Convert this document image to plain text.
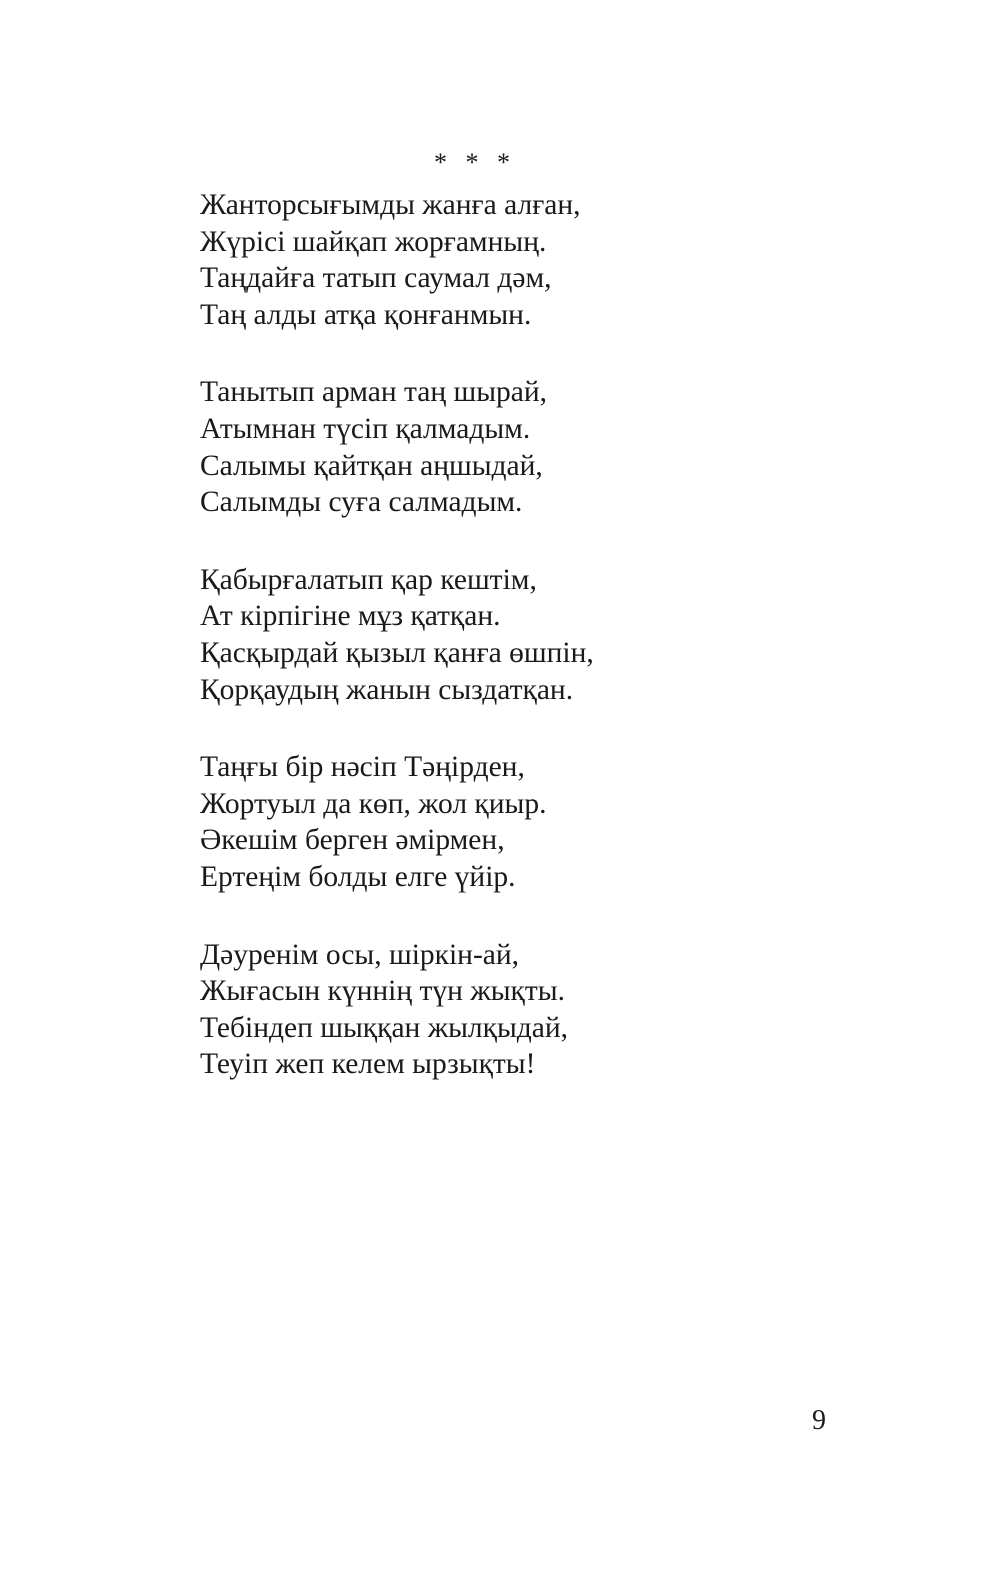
* * *
Жанторсығымды жанға алған,
Жүрісі шайқап жорғамның.
Таңдайға татып саумал дәм,
Таң алды атқа қонғанмын.
Танытып арман таң шырай,
Атымнан түсіп қалмадым.
Салымы қайтқан аңшыдай,
Салымды суға салмадым.
Қабырғалатып қар кештім,
Ат кірпігіне мұз қатқан.
Қасқырдай қызыл қанға өшпін,
Қорқаудың жанын сыздатқан.
Таңғы бір нәсіп Тәңірден,
Жортуыл да көп, жол қиыр.
Әкешім берген әмірмен,
Ертеңім болды елге үйір.
Дәуренім осы, шіркін-ай,
Жығасын күннің түн жықты.
Тебіндеп шыққан жылқыдай,
Теуіп жеп келем ырзықты!
9
